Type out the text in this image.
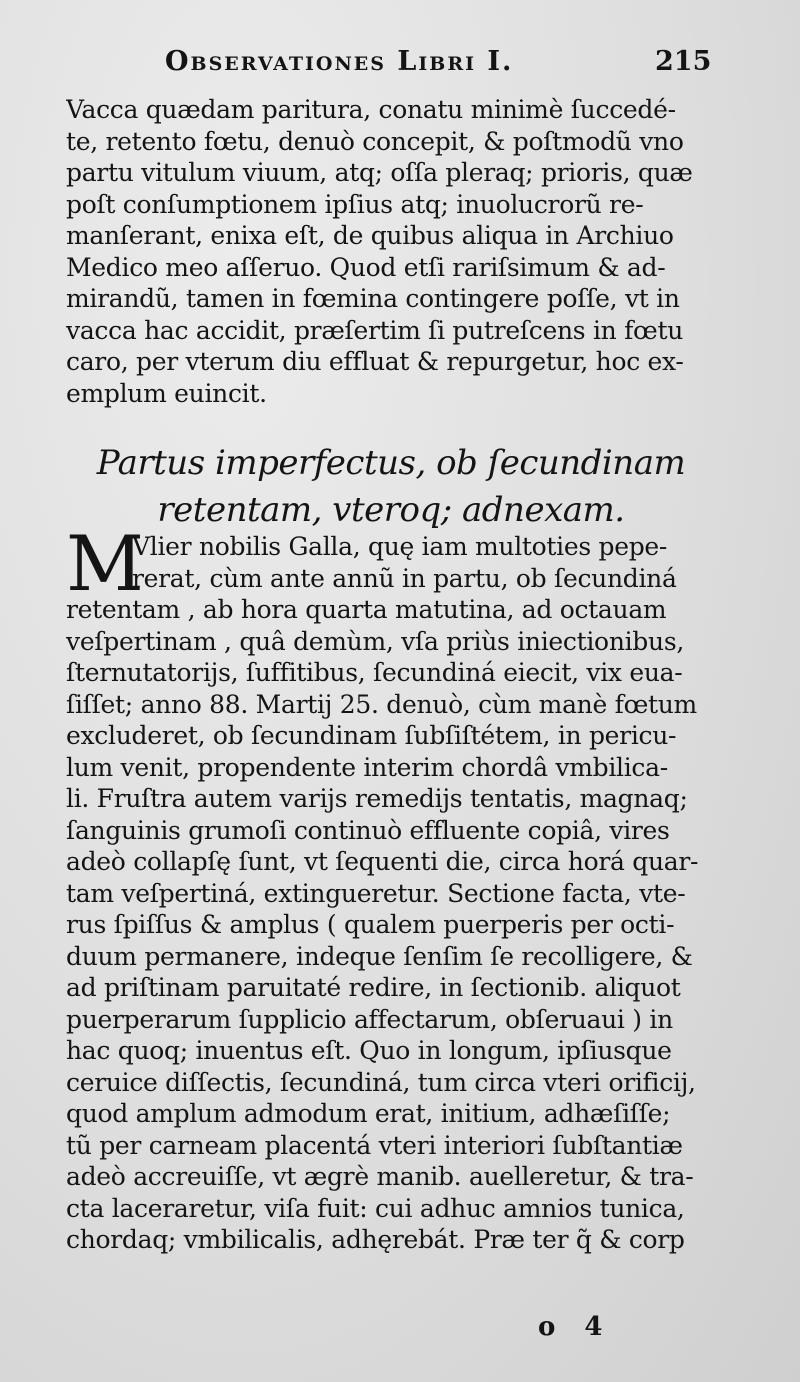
Observationes Libri I.	215
Vacca quædam paritura, conatu minimè ſuccedé-
te, retento fœtu, denuò concepit, & poſtmodũ vno
partu vitulum viuum, atq; oſſa pleraq; prioris, quæ
poſt conſumptionem ipſius atq; inuolucrorũ re-
manſerant, enixa eſt, de quibus aliqua in Archiuo
Medico meo aſſeruo. Quod etſi rariſsimum & ad-
mirandũ, tamen in fœmina contingere poſſe, vt in
vacca hac accidit, præſertim ſi putreſcens in fœtu
caro, per vterum diu effluat & repurgetur, hoc ex-
emplum euincit.
Partus imperfectus, ob ſecundinam
retentam, vteroq; adnexam.
M
Vlier nobilis Galla, quę iam multoties pepe-
rerat, cùm ante annũ in partu, ob ſecundiná
retentam , ab hora quarta matutina, ad octauam
veſpertinam , quâ demùm, vſa priùs iniectionibus,
ſternutatorijs, ſuffitibus, ſecundiná eiecit, vix eua-
ſiſſet; anno 88. Martij 25. denuò, cùm manè fœtum
excluderet, ob ſecundinam ſubſiſtétem, in pericu-
lum venit, propendente interim chordâ vmbilica-
li. Fruſtra autem varijs remedijs tentatis, magnaq;
ſanguinis grumoſi continuò effluente copiâ, vires
adeò collapſę ſunt, vt ſequenti die, circa horá quar-
tam veſpertiná, extingueretur. Sectione facta, vte-
rus ſpiſſus & amplus ( qualem puerperis per octi-
duum permanere, indeque ſenſim ſe recolligere, &
ad priſtinam paruitaté redire, in ſectionib. aliquot
puerperarum ſupplicio affectarum, obſeruaui ) in
hac quoq; inuentus eſt. Quo in longum, ipſiusque
ceruice diſſectis, ſecundiná, tum circa vteri orificij,
quod amplum admodum erat, initium, adhæſiſſe;
tũ per carneam placentá vteri interiori ſubſtantiæ
adeò accreuiſſe, vt ægrè manib. auelleretur, & tra-
cta laceraretur, viſa fuit: cui adhuc amnios tunica,
chordaq; vmbilicalis, adhęrebát. Præ ter q̃ & corp
o 4
